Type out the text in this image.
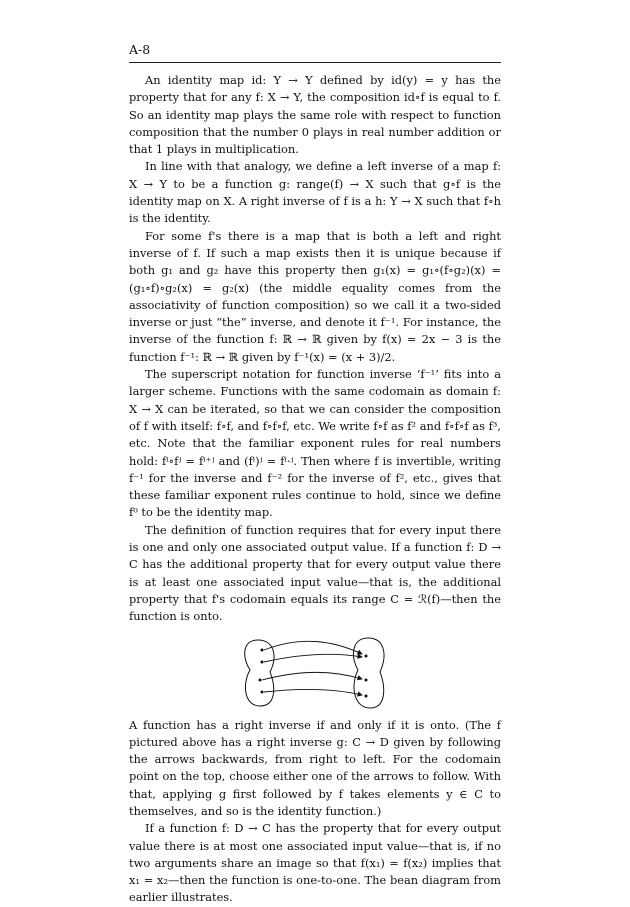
A-8

An identity map id: Y → Y defined by id(y) = y has the property that for any f: X → Y, the composition id∘f is equal to f. So an identity map plays the same role with respect to function composition that the number 0 plays in real number addition or that 1 plays in multiplication.

In line with that analogy, we define a left inverse of a map f: X → Y to be a function g: range(f) → X such that g∘f is the identity map on X. A right inverse of f is a h: Y → X such that f∘h is the identity.

For some f's there is a map that is both a left and right inverse of f. If such a map exists then it is unique because if both g₁ and g₂ have this property then g₁(x) = g₁∘(f∘g₂)(x) = (g₁∘f)∘g₂(x) = g₂(x) (the middle equality comes from the associativity of function composition) so we call it a two-sided inverse or just “the” inverse, and denote it f⁻¹. For instance, the inverse of the function f: ℝ → ℝ given by f(x) = 2x − 3 is the function f⁻¹: ℝ → ℝ given by f⁻¹(x) = (x + 3)/2.

The superscript notation for function inverse ‘f⁻¹’ fits into a larger scheme. Functions with the same codomain as domain f: X → X can be iterated, so that we can consider the composition of f with itself: f∘f, and f∘f∘f, etc. We write f∘f as f² and f∘f∘f as f³, etc. Note that the familiar exponent rules for real numbers hold: fⁱ∘fʲ = fⁱ⁺ʲ and (fⁱ)ʲ = fⁱ·ʲ. Then where f is invertible, writing f⁻¹ for the inverse and f⁻² for the inverse of f², etc., gives that these familiar exponent rules continue to hold, since we define f⁰ to be the identity map.

The definition of function requires that for every input there is one and only one associated output value. If a function f: D → C has the additional property that for every output value there is at least one associated input value—that is, the additional property that f's codomain equals its range C = ℛ(f)—then the function is onto.

A function has a right inverse if and only if it is onto. (The f pictured above has a right inverse g: C → D given by following the arrows backwards, from right to left. For the codomain point on the top, choose either one of the arrows to follow. With that, applying g first followed by f takes elements y ∈ C to themselves, and so is the identity function.)

If a function f: D → C has the property that for every output value there is at most one associated input value—that is, if no two arguments share an image so that f(x₁) = f(x₂) implies that x₁ = x₂—then the function is one-to-one. The bean diagram from earlier illustrates.
